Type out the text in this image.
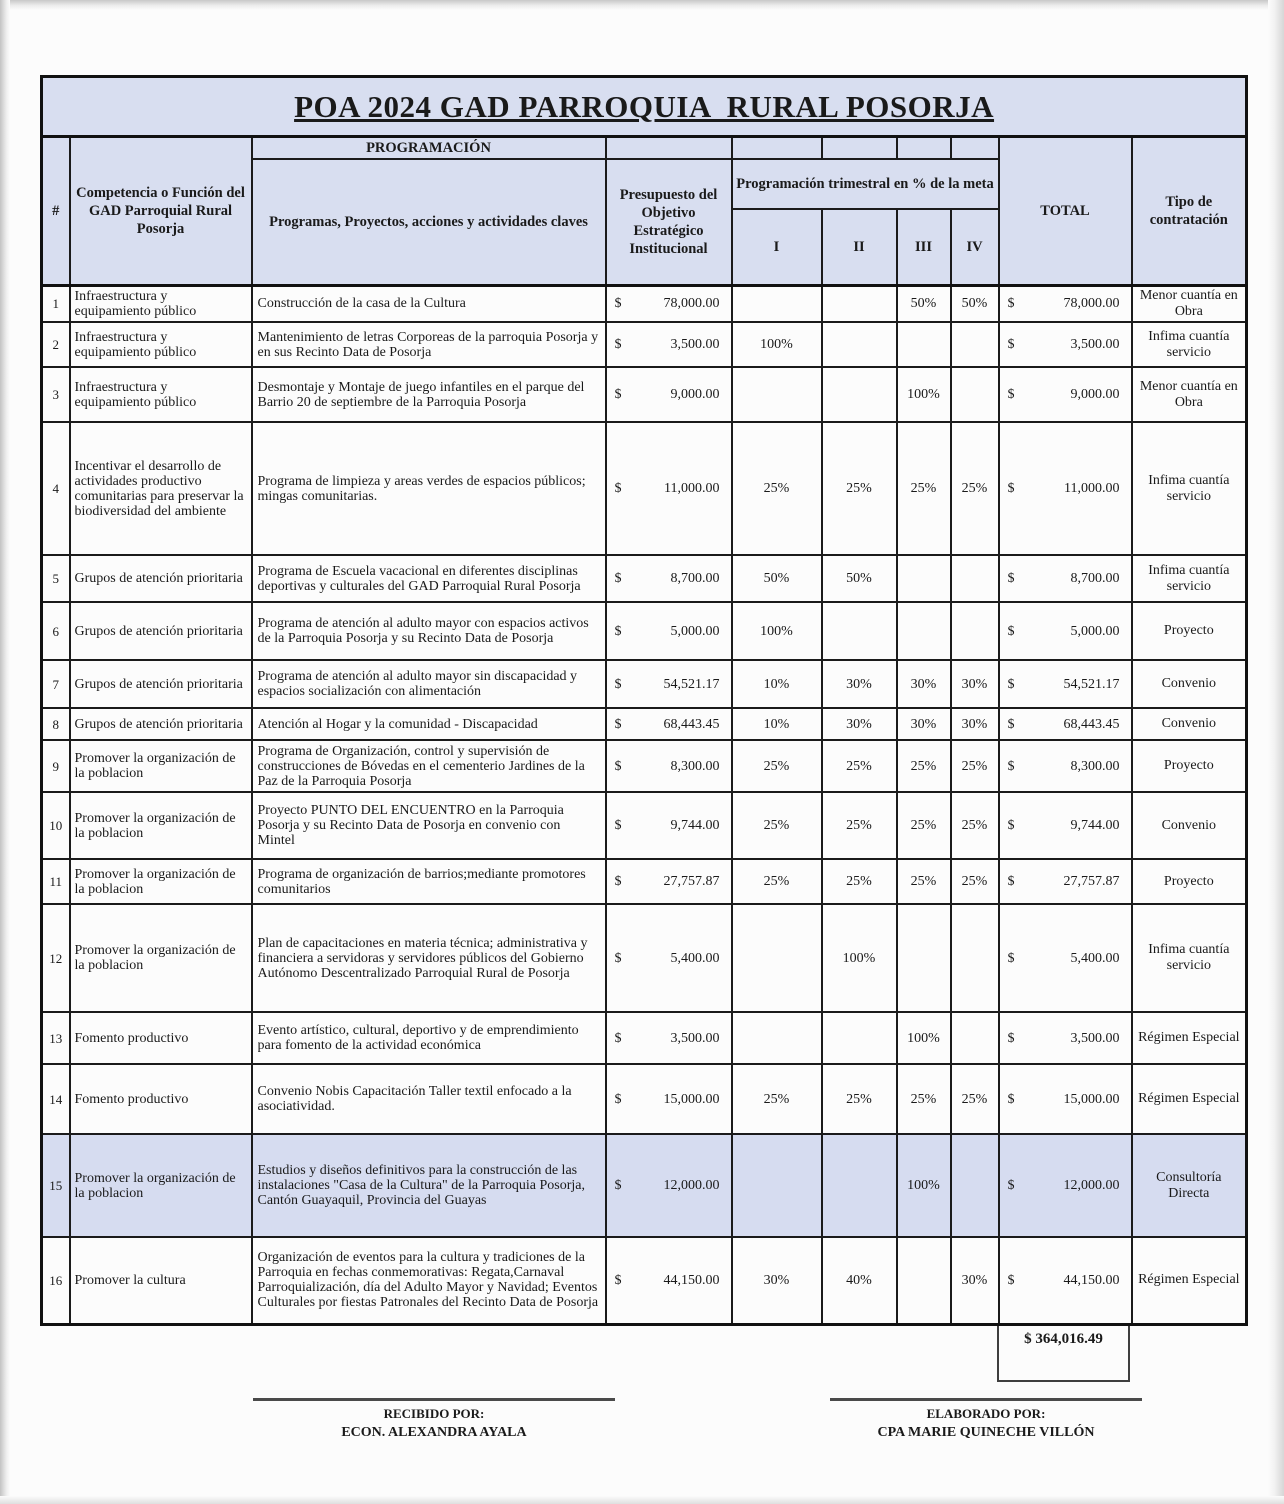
POA 2024 GAD PARROQUIA  RURAL POSORJA									
#	Competencia o Función del GAD Parroquial Rural Posorja	PROGRAMACIÓN						TOTAL	Tipo de contratación
		Programas, Proyectos, acciones y actividades claves	Presupuesto del Objetivo Estratégico Institucional	Programación trimestral en % de la meta					
				I	II	III	IV		
1	Infraestructura y equipamiento público	Construcción de la casa de la Cultura	$ 78,000.00			50%	50%	$ 78,000.00	Menor cuantía en Obra
2	Infraestructura y equipamiento público	Mantenimiento de letras Corporeas de la parroquia Posorja y en sus Recinto Data de Posorja	$ 3,500.00	100%				$ 3,500.00	Infima cuantía servicio
3	Infraestructura y equipamiento público	Desmontaje y Montaje de juego infantiles en el parque del Barrio 20 de septiembre de la Parroquia Posorja	$ 9,000.00			100%		$ 9,000.00	Menor cuantía en Obra
4	Incentivar el desarrollo de actividades productivo comunitarias para preservar la biodiversidad del ambiente	Programa de limpieza y areas verdes de espacios públicos; mingas comunitarias.	$ 11,000.00	25%	25%	25%	25%	$ 11,000.00	Infima cuantía servicio
5	Grupos de atención prioritaria	Programa de Escuela vacacional en diferentes disciplinas deportivas y culturales del GAD Parroquial Rural Posorja	$ 8,700.00	50%	50%			$ 8,700.00	Infima cuantía servicio
6	Grupos de atención prioritaria	Programa de atención al adulto mayor con espacios activos de la Parroquia Posorja y su Recinto Data de Posorja	$ 5,000.00	100%				$ 5,000.00	Proyecto
7	Grupos de atención prioritaria	Programa de atención al adulto mayor sin discapacidad y espacios socialización con alimentación	$ 54,521.17	10%	30%	30%	30%	$ 54,521.17	Convenio
8	Grupos de atención prioritaria	Atención al Hogar y la comunidad - Discapacidad	$ 68,443.45	10%	30%	30%	30%	$ 68,443.45	Convenio
9	Promover la organización de la poblacion	Programa de Organización, control y supervisión de construcciones de Bóvedas en el cementerio Jardines de la Paz de la Parroquia Posorja	$ 8,300.00	25%	25%	25%	25%	$ 8,300.00	Proyecto
10	Promover la organización de la poblacion	Proyecto PUNTO DEL ENCUENTRO en la Parroquia Posorja y su Recinto Data de Posorja en convenio con Mintel	$ 9,744.00	25%	25%	25%	25%	$ 9,744.00	Convenio
11	Promover la organización de la poblacion	Programa de organización de barrios;mediante promotores comunitarios	$ 27,757.87	25%	25%	25%	25%	$ 27,757.87	Proyecto
12	Promover la organización de la poblacion	Plan de capacitaciones en materia técnica; administrativa y financiera a servidoras y servidores públicos del Gobierno Autónomo Descentralizado Parroquial Rural de Posorja	$ 5,400.00		100%			$ 5,400.00	Infima cuantía servicio
13	Fomento productivo	Evento artístico, cultural, deportivo y de emprendimiento para fomento de la actividad económica	$ 3,500.00			100%		$ 3,500.00	Régimen Especial
14	Fomento productivo	Convenio Nobis Capacitación Taller textil enfocado a la asociatividad.	$ 15,000.00	25%	25%	25%	25%	$ 15,000.00	Régimen Especial
15	Promover la organización de la poblacion	Estudios y diseños definitivos para la construcción de las instalaciones "Casa de la Cultura" de la Parroquia Posorja, Cantón Guayaquil, Provincia del Guayas	$ 12,000.00			100%		$ 12,000.00	Consultoría Directa
16	Promover la cultura	Organización de eventos para la cultura y tradiciones de la Parroquia en fechas conmemorativas: Regata,Carnaval Parroquialización, día del Adulto Mayor y Navidad; Eventos Culturales por fiestas Patronales del Recinto Data de Posorja	$ 44,150.00	30%	40%		30%	$ 44,150.00	Régimen Especial
$ 364,016.49
RECIBIDO POR:
ECON. ALEXANDRA AYALA
ELABORADO POR:
CPA MARIE QUINECHE VILLÓN
